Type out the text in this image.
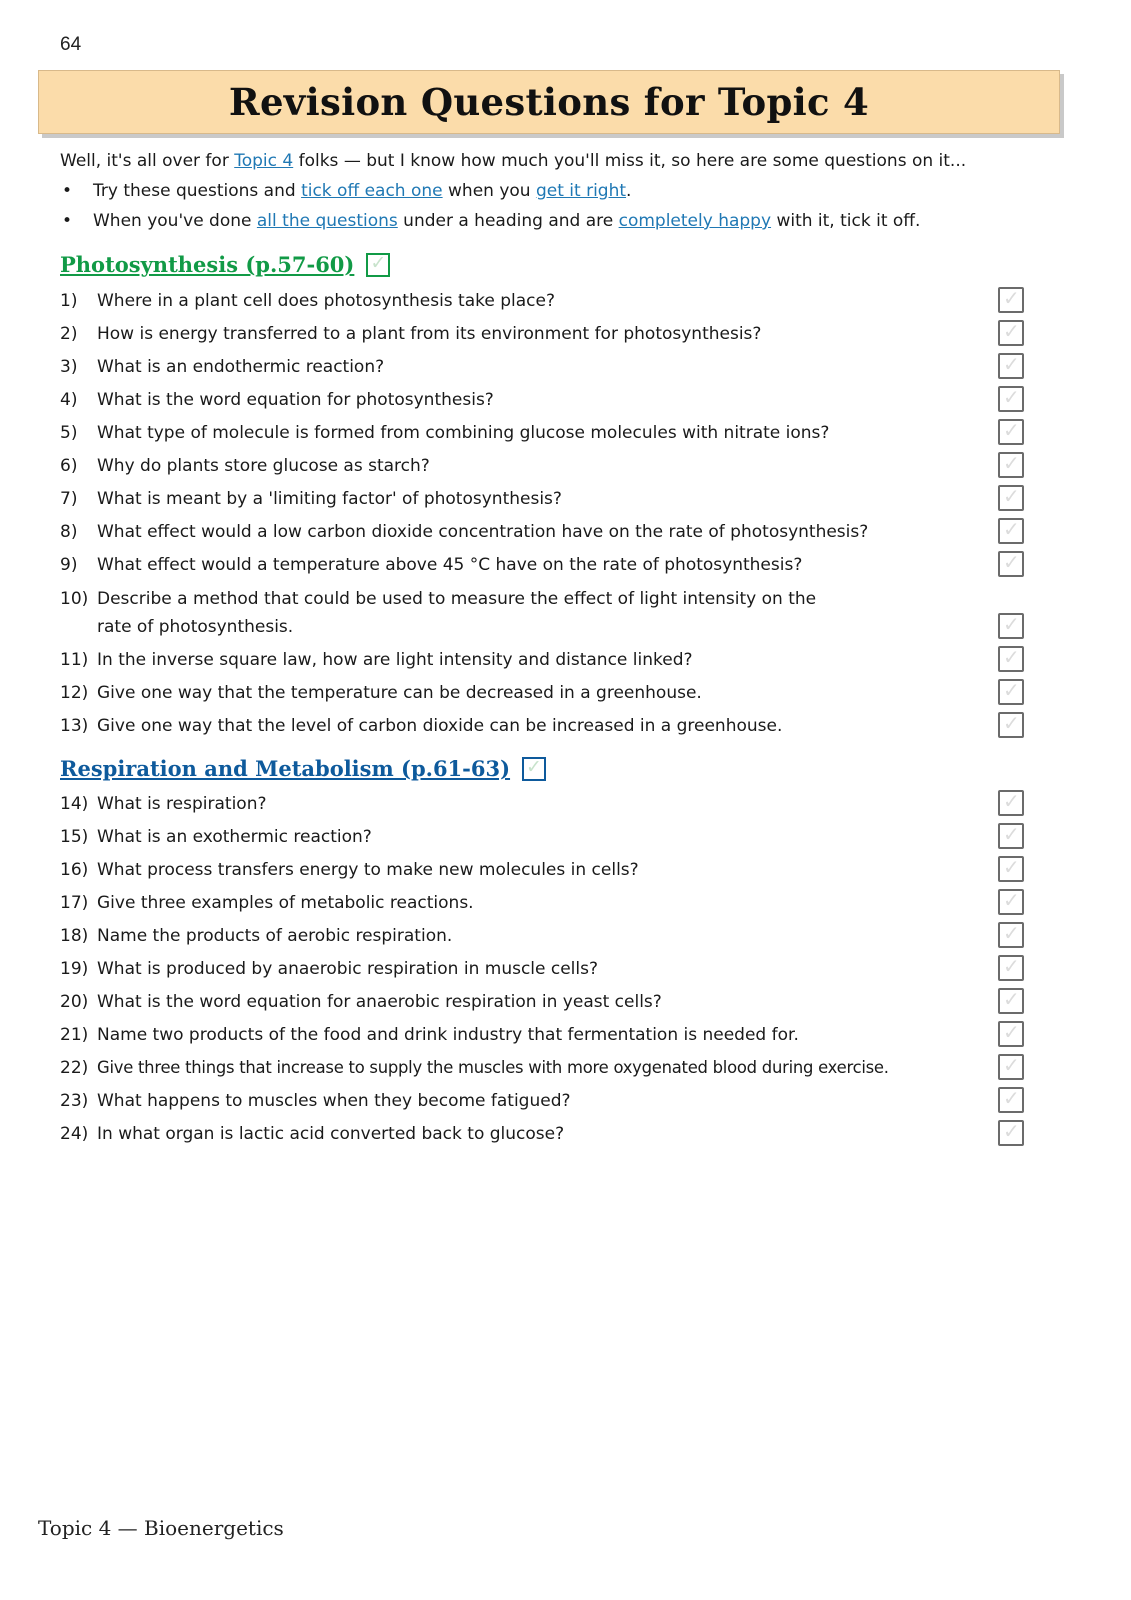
64
Revision Questions for Topic 4

Well, it's all over for Topic 4 folks — but I know how much you'll miss it, so here are some questions on it...

• Try these questions and tick off each one when you get it right.
• When you've done all the questions under a heading and are completely happy with it, tick it off.
Photosynthesis (p.57-60)
✓
1) Where in a plant cell does photosynthesis take place?
✓
2) How is energy transferred to a plant from its environment for photosynthesis?
✓
3) What is an endothermic reaction?
✓
4) What is the word equation for photosynthesis?
✓
5) What type of molecule is formed from combining glucose molecules with nitrate ions?
✓
6) Why do plants store glucose as starch?
✓
7) What is meant by a 'limiting factor' of photosynthesis?
✓
8) What effect would a low carbon dioxide concentration have on the rate of photosynthesis?
✓
9) What effect would a temperature above 45 °C have on the rate of photosynthesis?
✓
10) Describe a method that could be used to measure the effect of light intensity on the
rate of photosynthesis.
✓
11) In the inverse square law, how are light intensity and distance linked?
✓
12) Give one way that the temperature can be decreased in a greenhouse.
✓
13) Give one way that the level of carbon dioxide can be increased in a greenhouse.
✓
Respiration and Metabolism (p.61-63)
✓
14) What is respiration?
✓
15) What is an exothermic reaction?
✓
16) What process transfers energy to make new molecules in cells?
✓
17) Give three examples of metabolic reactions.
✓
18) Name the products of aerobic respiration.
✓
19) What is produced by anaerobic respiration in muscle cells?
✓
20) What is the word equation for anaerobic respiration in yeast cells?
✓
21) Name two products of the food and drink industry that fermentation is needed for.
✓
22) Give three things that increase to supply the muscles with more oxygenated blood during exercise.
✓
23) What happens to muscles when they become fatigued?
✓
24) In what organ is lactic acid converted back to glucose?
✓
Topic 4 — Bioenergetics
